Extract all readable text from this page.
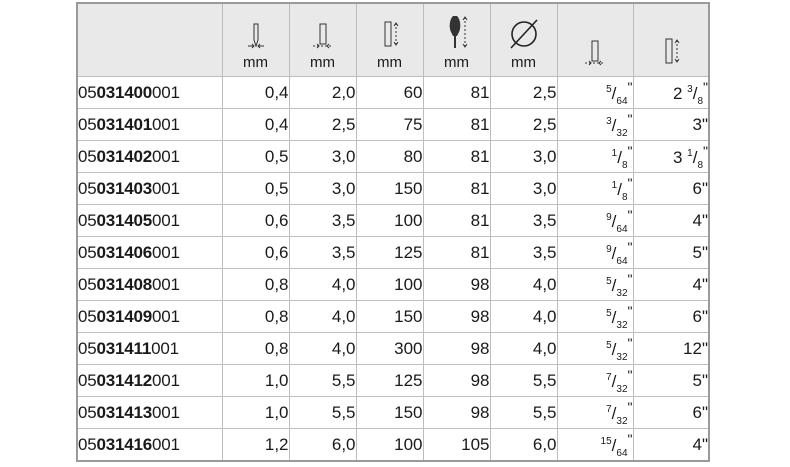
	mm	mm	mm	mm	mm

05031400001	0,4	2,0	60	81	2,5	$^5/_{64}^"$	2 $^3/_8^"$
05031401001	0,4	2,5	75	81	2,5	$^3/_{32}^"$	3"
05031402001	0,5	3,0	80	81	3,0	$^1/_8^"$	3 $^1/_8^"$
05031403001	0,5	3,0	150	81	3,0	$^1/_8^"$	6"
05031405001	0,6	3,5	100	81	3,5	$^9/_{64}^"$	4"
05031406001	0,6	3,5	125	81	3,5	$^9/_{64}^"$	5"
05031408001	0,8	4,0	100	98	4,0	$^5/_{32}^"$	4"
05031409001	0,8	4,0	150	98	4,0	$^5/_{32}^"$	6"
05031411001	0,8	4,0	300	98	4,0	$^5/_{32}^"$	12"
05031412001	1,0	5,5	125	98	5,5	$^7/_{32}^"$	5"
05031413001	1,0	5,5	150	98	5,5	$^7/_{32}^"$	6"
05031416001	1,2	6,0	100	105	6,0	$^{15}/_{64}^"$	4"
